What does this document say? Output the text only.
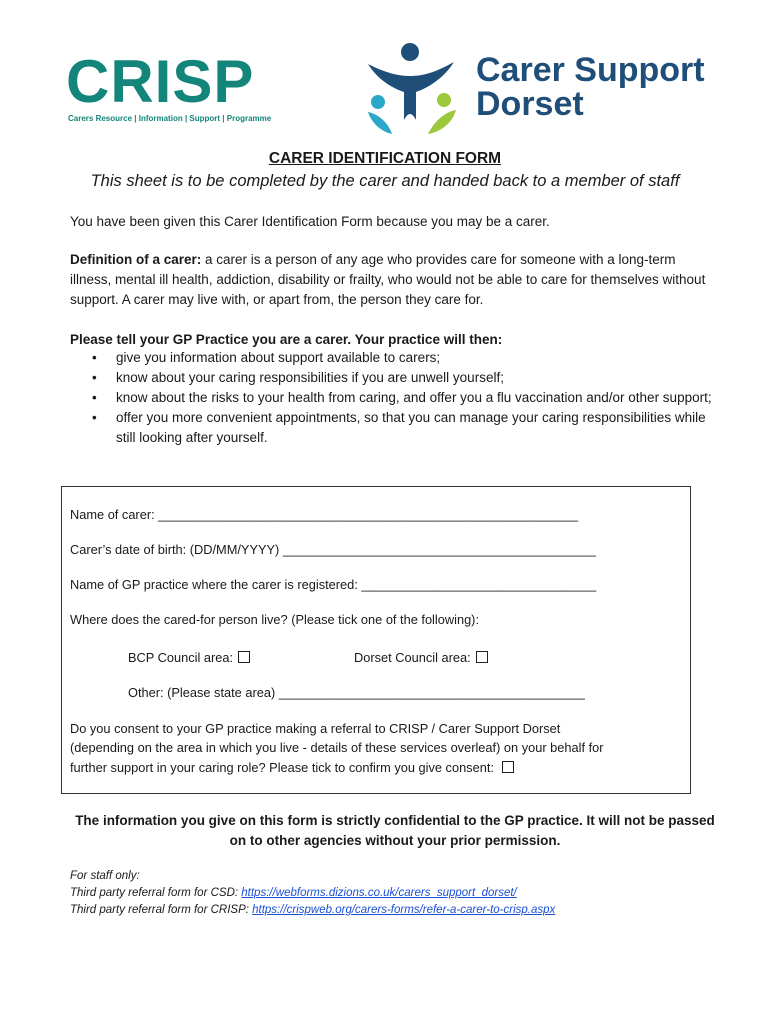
CRISP
Carers Resource | Information | Support | Programme
Carer Support
Dorset
CARER IDENTIFICATION FORM
This sheet is to be completed by the carer and handed back to a member of staff
You have been given this Carer Identification Form because you may be a carer.
Definition of a carer: a carer is a person of any age who provides care for someone with a long-term illness, mental ill health, addiction, disability or frailty, who would not be able to care for themselves without support. A carer may live with, or apart from, the person they care for.
Please tell your GP Practice you are a carer. Your practice will then:
• give you information about support available to carers;
• know about your caring responsibilities if you are unwell yourself;
• know about the risks to your health from caring, and offer you a flu vaccination and/or other support;
• offer you more convenient appointments, so that you can manage your caring responsibilities while still looking after yourself.
Name of carer: ___________________________________________________________
Carer’s date of birth: (DD/MM/YYYY) ____________________________________________
Name of GP practice where the carer is registered: _________________________________
Where does the cared-for person live? (Please tick one of the following):
BCP Council area:	Dorset Council area:
Other: (Please state area) ___________________________________________
Do you consent to your GP practice making a referral to CRISP / Carer Support Dorset
(depending on the area in which you live - details of these services overleaf) on your behalf for
further support in your caring role? Please tick to confirm you give consent:
The information you give on this form is strictly confidential to the GP practice. It will not be passed on to other agencies without your prior permission.
For staff only:
Third party referral form for CSD: https://webforms.dizions.co.uk/carers_support_dorset/
Third party referral form for CRISP: https://crispweb.org/carers-forms/refer-a-carer-to-crisp.aspx
